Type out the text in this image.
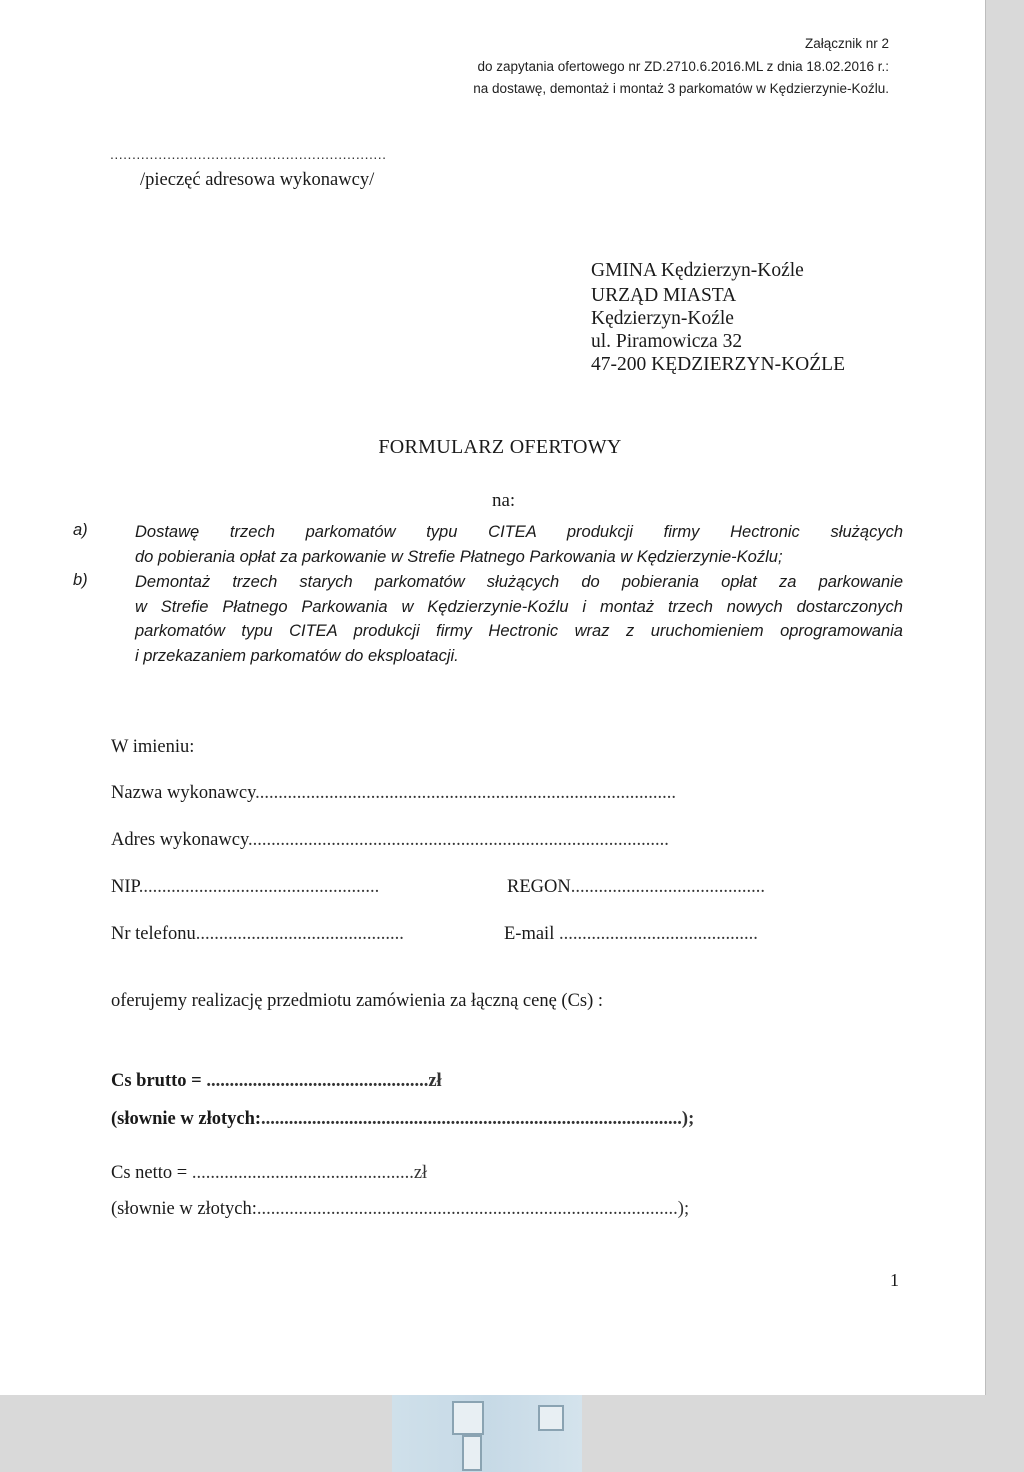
Załącznik nr 2
do zapytania ofertowego nr ZD.2710.6.2016.ML z dnia 18.02.2016 r.:
na dostawę, demontaż i montaż 3 parkomatów w Kędzierzynie-Koźlu.
...............................................................
/pieczęć adresowa wykonawcy/
GMINA Kędzierzyn-Koźle
URZĄD MIASTA
Kędzierzyn-Koźle
ul. Piramowicza 32
47-200 KĘDZIERZYN-KOŹLE
FORMULARZ OFERTOWY
na:
a)	Dostawę trzech parkomatów typu CITEA produkcji firmy Hectronic służących

do pobierania opłat za parkowanie w Strefie Płatnego Parkowania w Kędzierzynie-Koźlu;

b)	Demontaż trzech starych parkomatów służących do pobierania opłat za parkowanie

w Strefie Płatnego Parkowania w Kędzierzynie-Koźlu i montaż trzech nowych dostarczonych

parkomatów typu CITEA produkcji firmy Hectronic wraz z uruchomieniem oprogramowania

i przekazaniem parkomatów do eksploatacji.

W imieniu:
Nazwa wykonawcy...........................................................................................
Adres wykonawcy...........................................................................................
NIP....................................................	REGON..........................................
Nr telefonu.............................................	E-mail ...........................................
oferujemy realizację przedmiotu zamówienia za łączną cenę (Cs) :
Cs brutto = ................................................zł
(słownie w złotych:...........................................................................................);
Cs netto = ................................................zł
(słownie w złotych:...........................................................................................);
1
